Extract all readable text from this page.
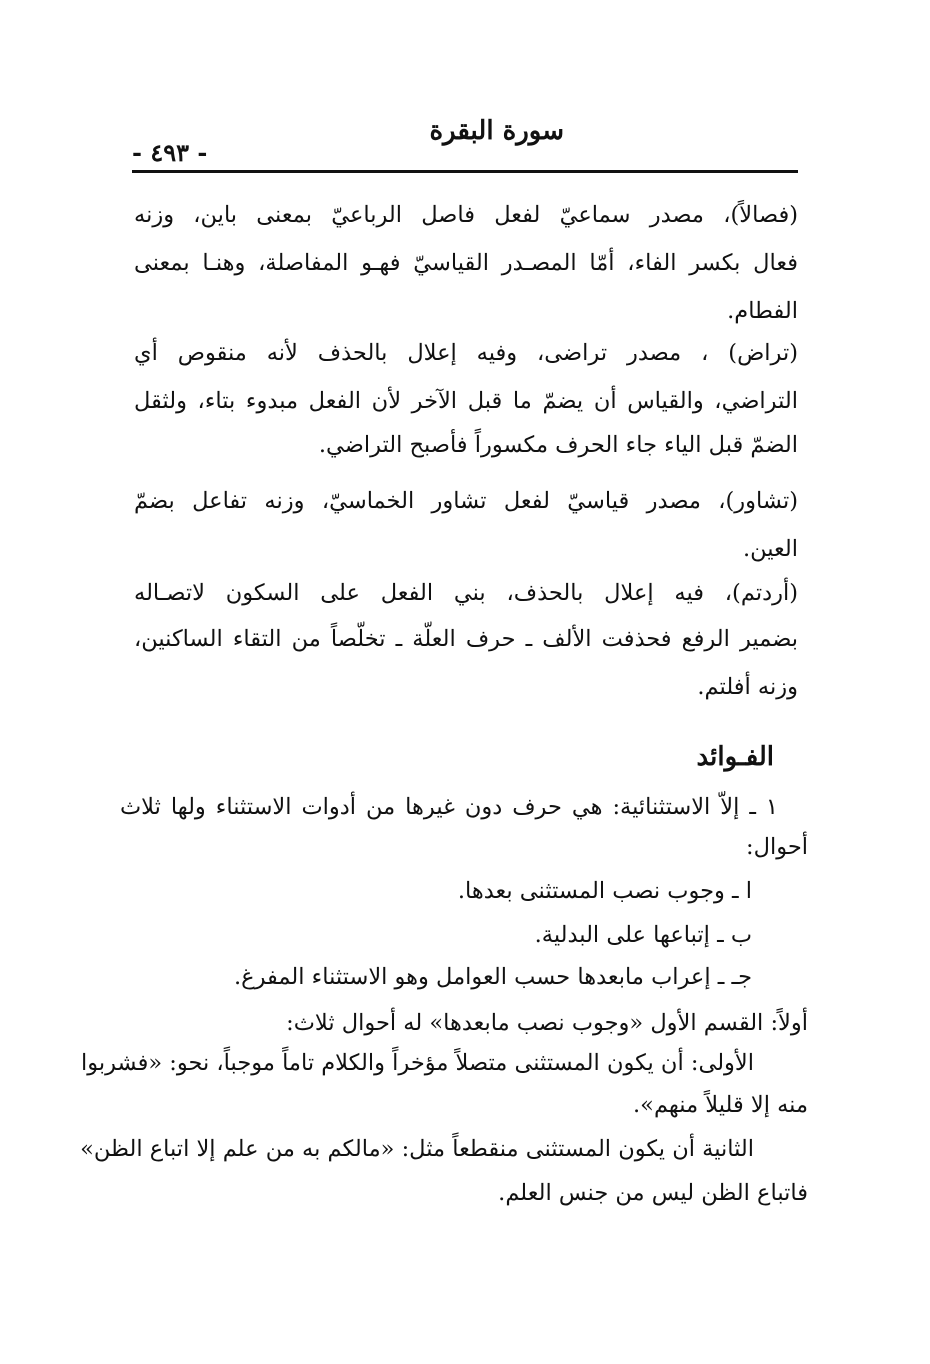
سورة البقرة
- ٤٩٣ -
(فصالاً)، مصدر سماعيّ لفعل فاصل الرباعيّ بمعنى باين، وزنه
فعال بكسر الفاء، أمّا المصـدر القياسيّ فهـو المفاصلة، وهنـا بمعنى
الفطام.
(تراض) ، مصدر تراضى، وفيه إعلال بالحذف لأنه منقوص أي
التراضي، والقياس أن يضمّ ما قبل الآخر لأن الفعل مبدوء بتاء، ولثقل
الضمّ قبل الياء جاء الحرف مكسوراً فأصبح التراضي.
(تشاور)، مصدر قياسيّ لفعل تشاور الخماسيّ، وزنه تفاعل بضمّ
العين.
(أردتم)، فيه إعلال بالحذف، بني الفعل على السكون لاتصـاله
بضمير الرفع فحذفت الألف ـ حرف العلّة ـ تخلّصاً من التقاء الساكنين،
وزنه أفلتم.
الفـوائد
١ ـ إلاّ الاستثنائية: هي حرف دون غيرها من أدوات الاستثناء ولها ثلاث
أحوال:
ا ـ وجوب نصب المستثنى بعدها.
ب ـ إتباعها على البدلية.
جـ ـ إعراب مابعدها حسب العوامل وهو الاستثناء المفرغ.
أولاً: القسم الأول «وجوب نصب مابعدها» له أحوال ثلاث:
الأولى: أن يكون المستثنى متصلاً مؤخراً والكلام تاماً موجباً، نحو: «فشربوا
منه إلا قليلاً منهم».
الثانية أن يكون المستثنى منقطعاً مثل: «مالكم به من علم إلا اتباع الظن»
فاتباع الظن ليس من جنس العلم.
